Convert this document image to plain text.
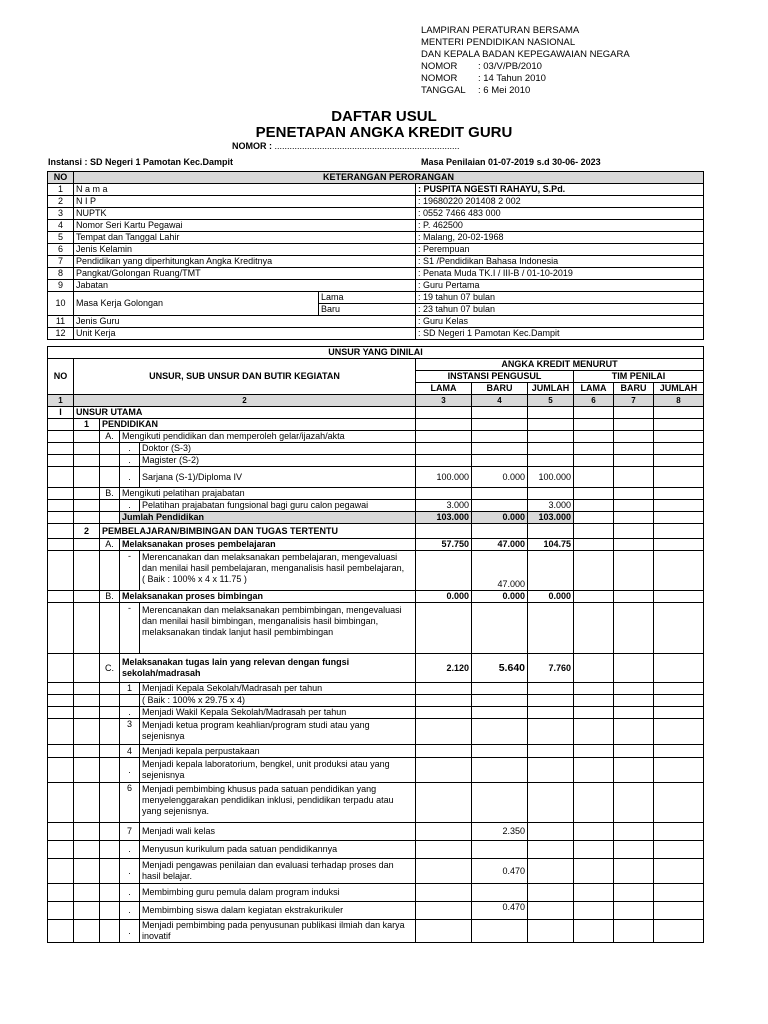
LAMPIRAN PERATURAN BERSAMA
MENTERI PENDIDIKAN NASIONAL
DAN KEPALA BADAN KEPEGAWAIAN NEGARA
NOMOR : 03/V/PB/2010
NOMOR : 14 Tahun 2010
TANGGAL : 6 Mei 2010
DAFTAR USUL
PENETAPAN ANGKA KREDIT GURU
NOMOR : ..........................................................................
Instansi : SD Negeri 1 Pamotan Kec.Dampit	Masa Penilaian 01-07-2019 s.d 30-06- 2023
NO	KETERANGAN PERORANGAN		
1	N a m a		: PUSPITA NGESTI RAHAYU, S.Pd.
2	N I P		: 19680220 201408 2 002
3	NUPTK		: 0552 7466 483 000
4	Nomor Seri Kartu Pegawai		: P. 462500
5	Tempat dan Tanggal Lahir		: Malang, 20-02-1968
6	Jenis Kelamin		: Perempuan
7	Pendidikan yang diperhitungkan Angka Kreditnya		: S1 /Pendidikan Bahasa Indonesia
8	Pangkat/Golongan Ruang/TMT		: Penata Muda TK.I / III-B / 01-10-2019
9	Jabatan		: Guru Pertama
10	Masa Kerja Golongan	Lama	: 19 tahun 07 bulan
		Baru	: 23 tahun 07 bulan
11	Jenis Guru		: Guru Kelas
12	Unit Kerja		: SD Negeri 1 Pamotan Kec.Dampit
UNSUR YANG DINILAI										
NO	UNSUR, SUB UNSUR DAN BUTIR KEGIATAN				ANGKA KREDIT MENURUT					
					INSTANSI PENGUSUL			TIM PENILAI		
					LAMA	BARU	JUMLAH	LAMA	BARU	JUMLAH
1	2				3	4	5	6	7	8
I	UNSUR UTAMA									
	1	PENDIDIKAN								
		A.	Mengikuti pendidikan dan memperoleh gelar/ijazah/akta							
			.	Doktor (S-3)						
			.	Magister (S-2)						
			.	Sarjana (S-1)/Diploma IV	100.000	0.000	100.000			
		B.	Mengikuti pelatihan prajabatan							
			.	Pelatihan prajabatan fungsional bagi guru calon pegawai	3.000		3.000			
			Jumlah Pendidikan		103.000	0.000	103.000			
	2	PEMBELAJARAN/BIMBINGAN DAN TUGAS TERTENTU								
		A.	Melaksanakan proses pembelajaran		57.750	47.000	104.75			
			-	Merencanakan dan melaksanakan pembelajaran, mengevaluasi dan menilai hasil pembelajaran, menganalisis hasil pembelajaran,
( Baik : 100% x 4 x 11.75 )		47.000				
		B.	Melaksanakan proses bimbingan		0.000	0.000	0.000			
			-	Merencanakan dan melaksanakan pembimbingan, mengevaluasi dan menilai hasil bimbingan, menganalisis hasil bimbingan, melaksanakan tindak lanjut hasil pembimbingan						
		C.	Melaksanakan tugas lain yang relevan dengan fungsi sekolah/madrasah		2.120	5.640	7.760			
			1	Menjadi Kepala Sekolah/Madrasah per tahun						
				( Baik : 100% x 29.75 x 4)						
			.	Menjadi Wakil Kepala Sekolah/Madrasah per tahun						
			3	Menjadi ketua program keahlian/program studi atau yang sejenisnya						
			4	Menjadi kepala perpustakaan						
			.	Menjadi kepala laboratorium, bengkel, unit produksi atau yang sejenisnya						
			6	Menjadi pembimbing khusus pada satuan pendidikan yang menyelenggarakan pendidikan inklusi, pendidikan terpadu atau yang sejenisnya.						
			7	Menjadi wali kelas		2.350				
			.	Menyusun kurikulum pada satuan pendidikannya						
			.	Menjadi pengawas penilaian dan evaluasi terhadap proses dan hasil belajar.		0.470				
			.	Membimbing guru pemula dalam program induksi						
			.	Membimbing siswa dalam kegiatan ekstrakurikuler		0.470				
			.	Menjadi pembimbing pada penyusunan publikasi ilmiah dan karya inovatif						
